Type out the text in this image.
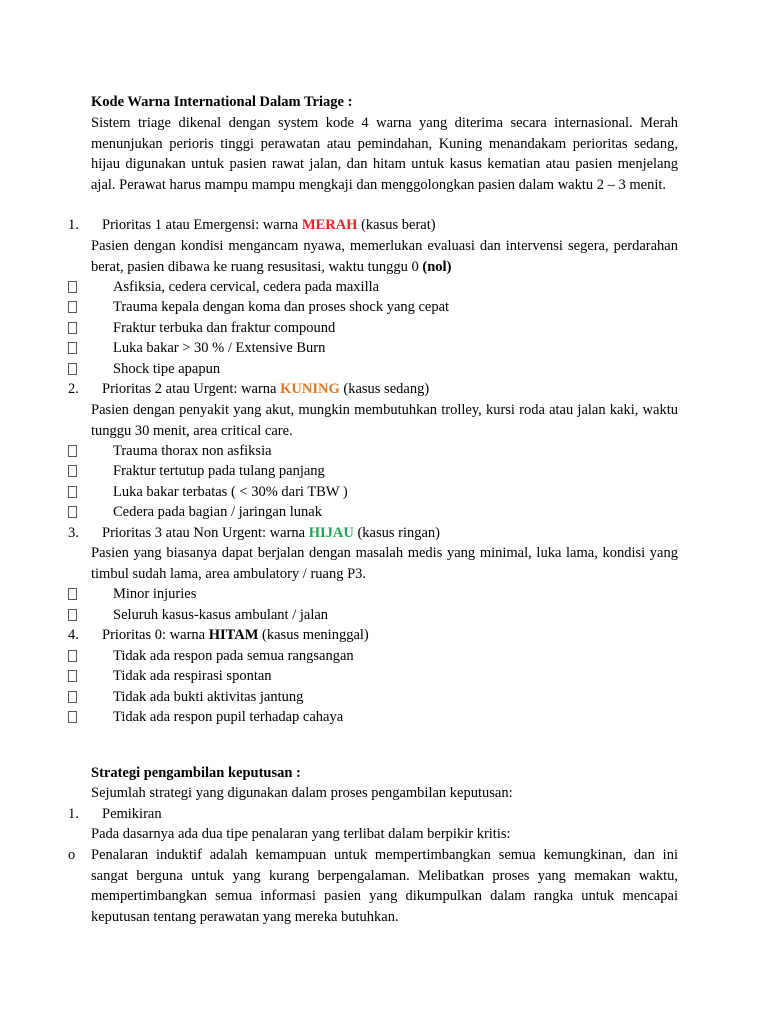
Kode Warna International Dalam Triage :
Sistem triage dikenal dengan system kode 4 warna yang diterima secara internasional. Merah menunjukan perioris tinggi perawatan atau pemindahan, Kuning menandakam perioritas sedang, hijau digunakan untuk pasien rawat jalan, dan hitam untuk kasus kematian atau pasien menjelang ajal. Perawat harus mampu mampu mengkaji dan menggolongkan pasien dalam waktu 2 – 3 menit.
1. Prioritas 1 atau Emergensi: warna MERAH (kasus berat)
Pasien dengan kondisi mengancam nyawa, memerlukan evaluasi dan intervensi segera, perdarahan berat, pasien dibawa ke ruang resusitasi, waktu tunggu 0 (nol)
Asfiksia, cedera cervical, cedera pada maxilla
Trauma kepala dengan koma dan proses shock yang cepat
Fraktur terbuka dan fraktur compound
Luka bakar > 30 % / Extensive Burn
Shock tipe apapun
2. Prioritas 2 atau Urgent: warna KUNING (kasus sedang)
Pasien dengan penyakit yang akut, mungkin membutuhkan trolley, kursi roda atau jalan kaki, waktu tunggu 30 menit, area critical care.
Trauma thorax non asfiksia
Fraktur tertutup pada tulang panjang
Luka bakar terbatas ( < 30% dari TBW )
Cedera pada bagian / jaringan lunak
3. Prioritas 3 atau Non Urgent: warna HIJAU (kasus ringan)
Pasien yang biasanya dapat berjalan dengan masalah medis yang minimal, luka lama, kondisi yang timbul sudah lama, area ambulatory / ruang P3.
Minor injuries
Seluruh kasus-kasus ambulant / jalan
4. Prioritas 0: warna HITAM (kasus meninggal)
Tidak ada respon pada semua rangsangan
Tidak ada respirasi spontan
Tidak ada bukti aktivitas jantung
Tidak ada respon pupil terhadap cahaya
Strategi pengambilan keputusan :
Sejumlah strategi yang digunakan dalam proses pengambilan keputusan:
1. Pemikiran
Pada dasarnya ada dua tipe penalaran yang terlibat dalam berpikir kritis:
o Penalaran induktif adalah kemampuan untuk mempertimbangkan semua kemungkinan, dan ini sangat berguna untuk yang kurang berpengalaman. Melibatkan proses yang memakan waktu, mempertimbangkan semua informasi pasien yang dikumpulkan dalam rangka untuk mencapai keputusan tentang perawatan yang mereka butuhkan.
